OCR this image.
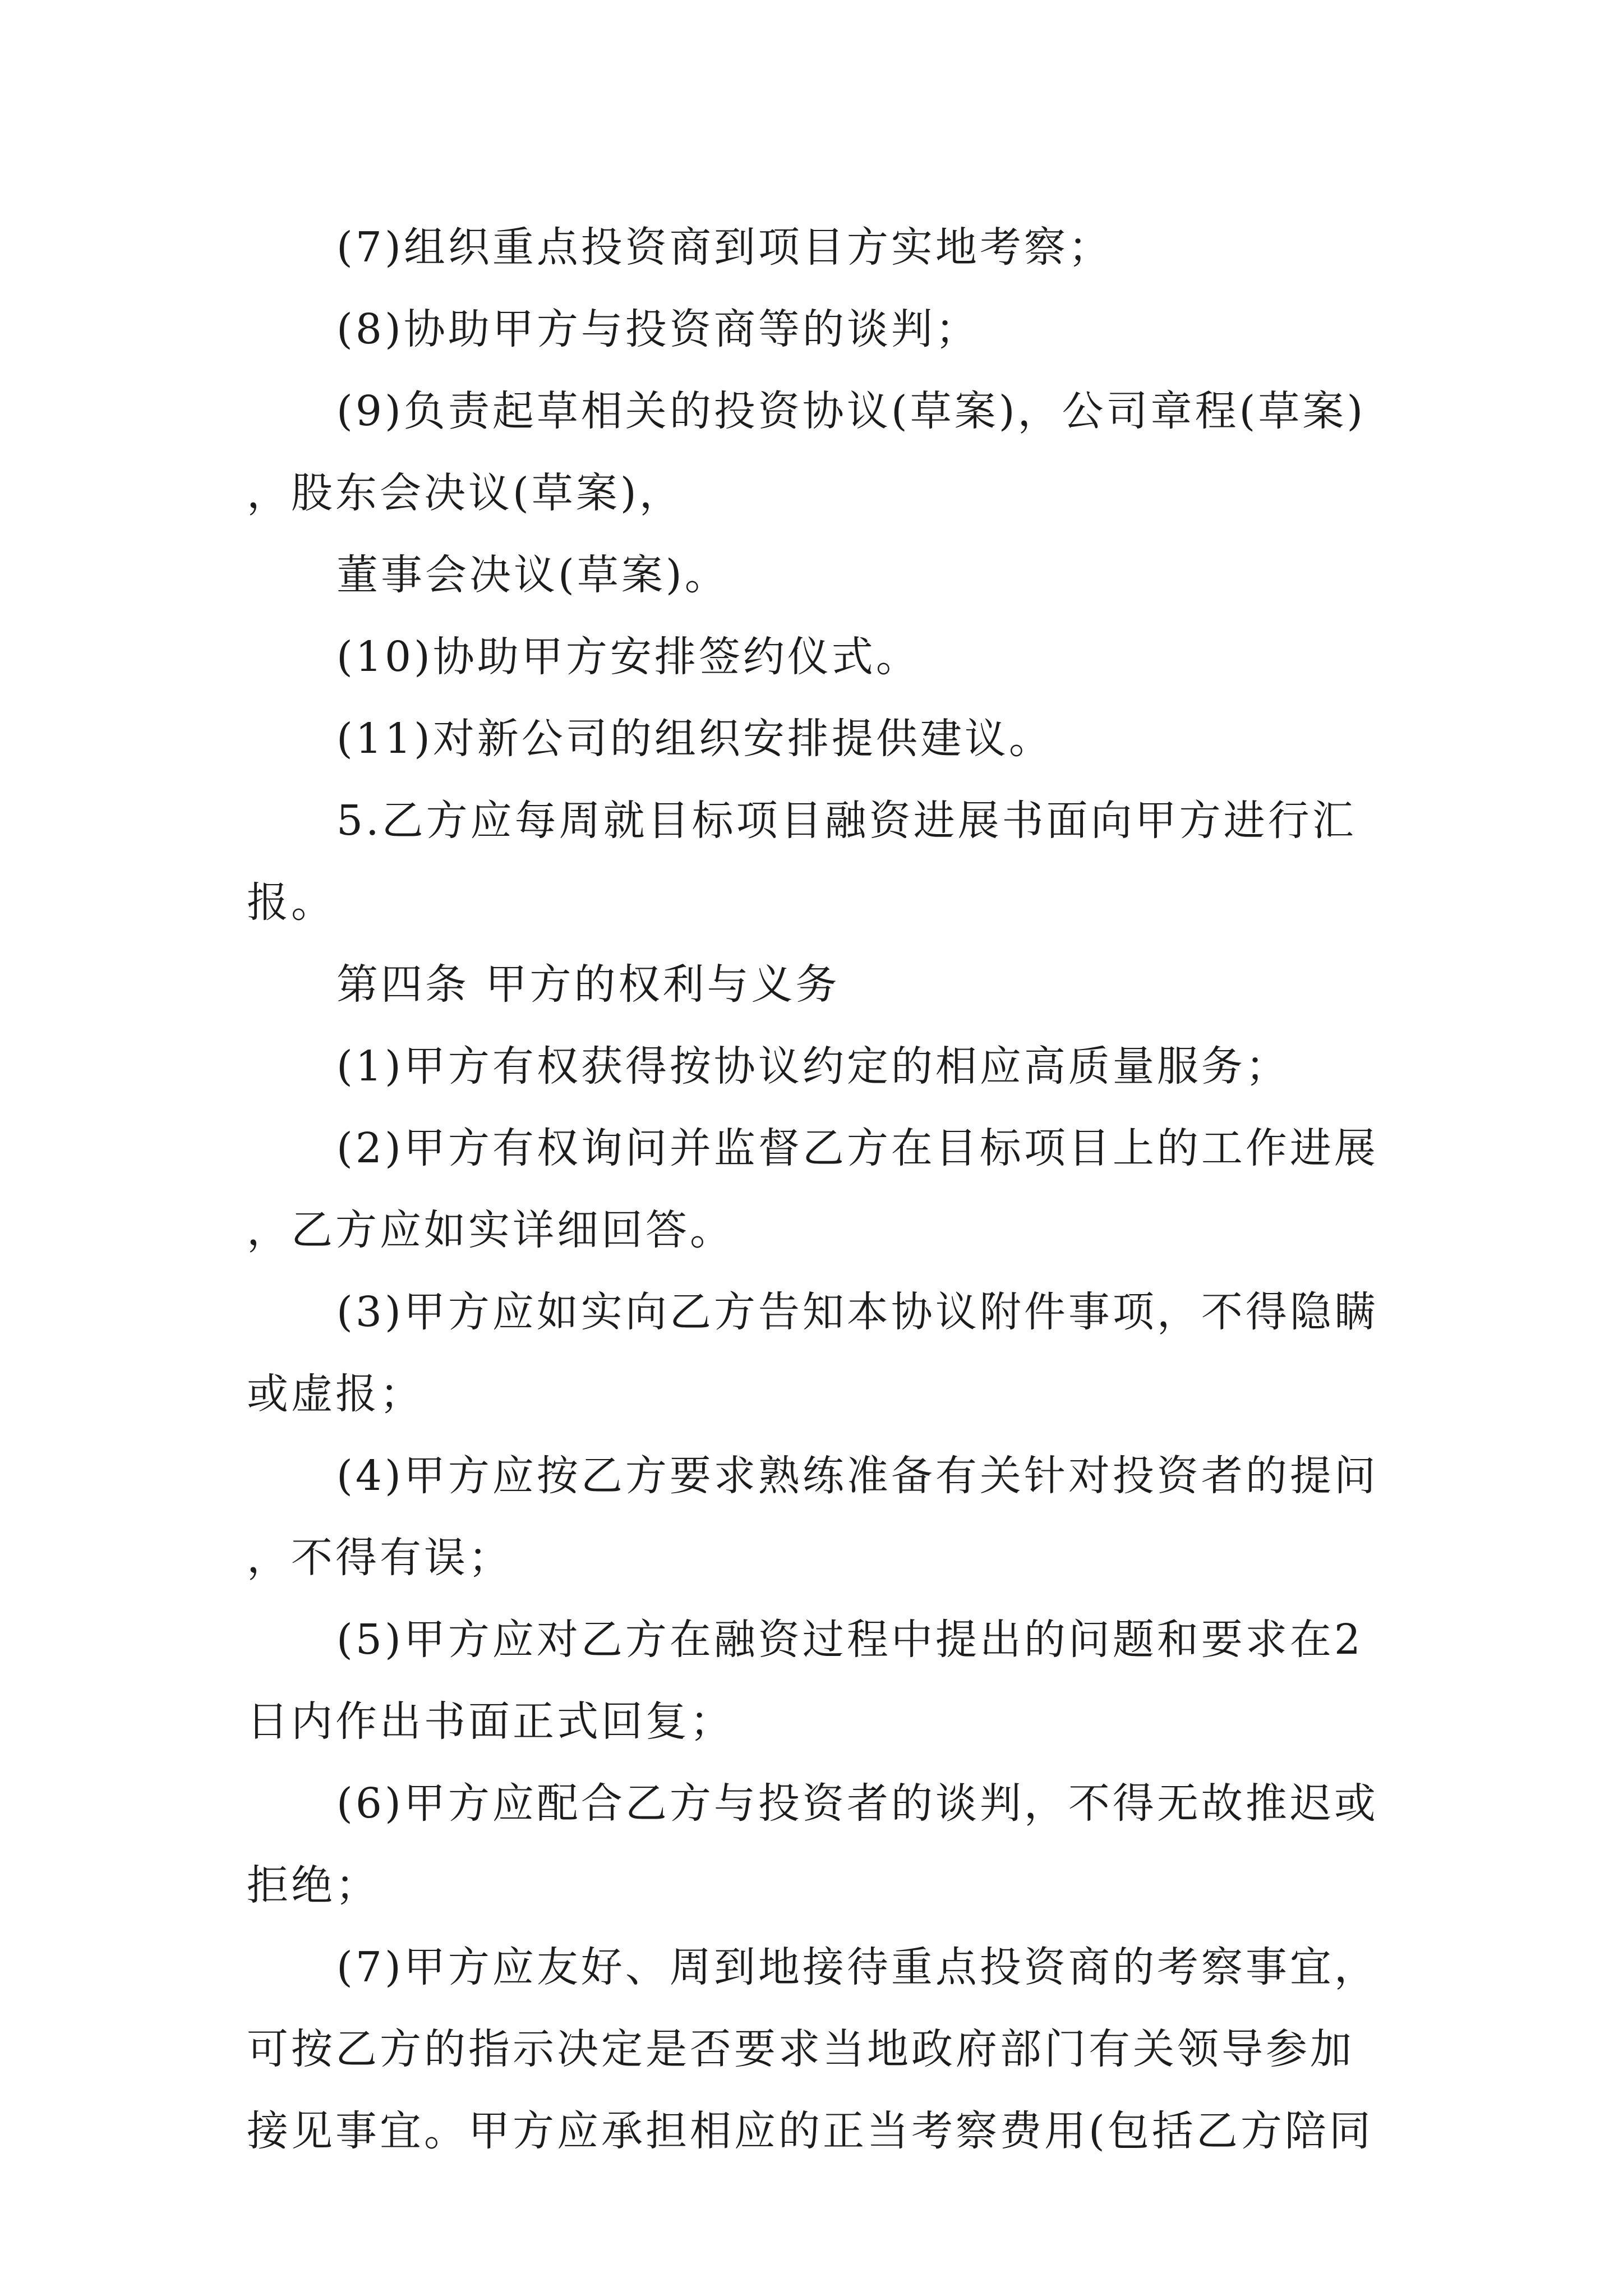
(7)组织重点投资商到项目方实地考察；

(8)协助甲方与投资商等的谈判；

(9)负责起草相关的投资协议(草案)，公司章程(草案)，股东会决议(草案)，

董事会决议(草案)。

(10)协助甲方安排签约仪式。

(11)对新公司的组织安排提供建议。

5.乙方应每周就目标项目融资进展书面向甲方进行汇报。

第四条 甲方的权利与义务

(1)甲方有权获得按协议约定的相应高质量服务；

(2)甲方有权询问并监督乙方在目标项目上的工作进展，乙方应如实详细回答。

(3)甲方应如实向乙方告知本协议附件事项，不得隐瞒或虚报；

(4)甲方应按乙方要求熟练准备有关针对投资者的提问，不得有误；

(5)甲方应对乙方在融资过程中提出的问题和要求在2日内作出书面正式回复；

(6)甲方应配合乙方与投资者的谈判，不得无故推迟或拒绝；

(7)甲方应友好、周到地接待重点投资商的考察事宜，可按乙方的指示决定是否要求当地政府部门有关领导参加接见事宜。甲方应承担相应的正当考察费用(包括乙方陪同
